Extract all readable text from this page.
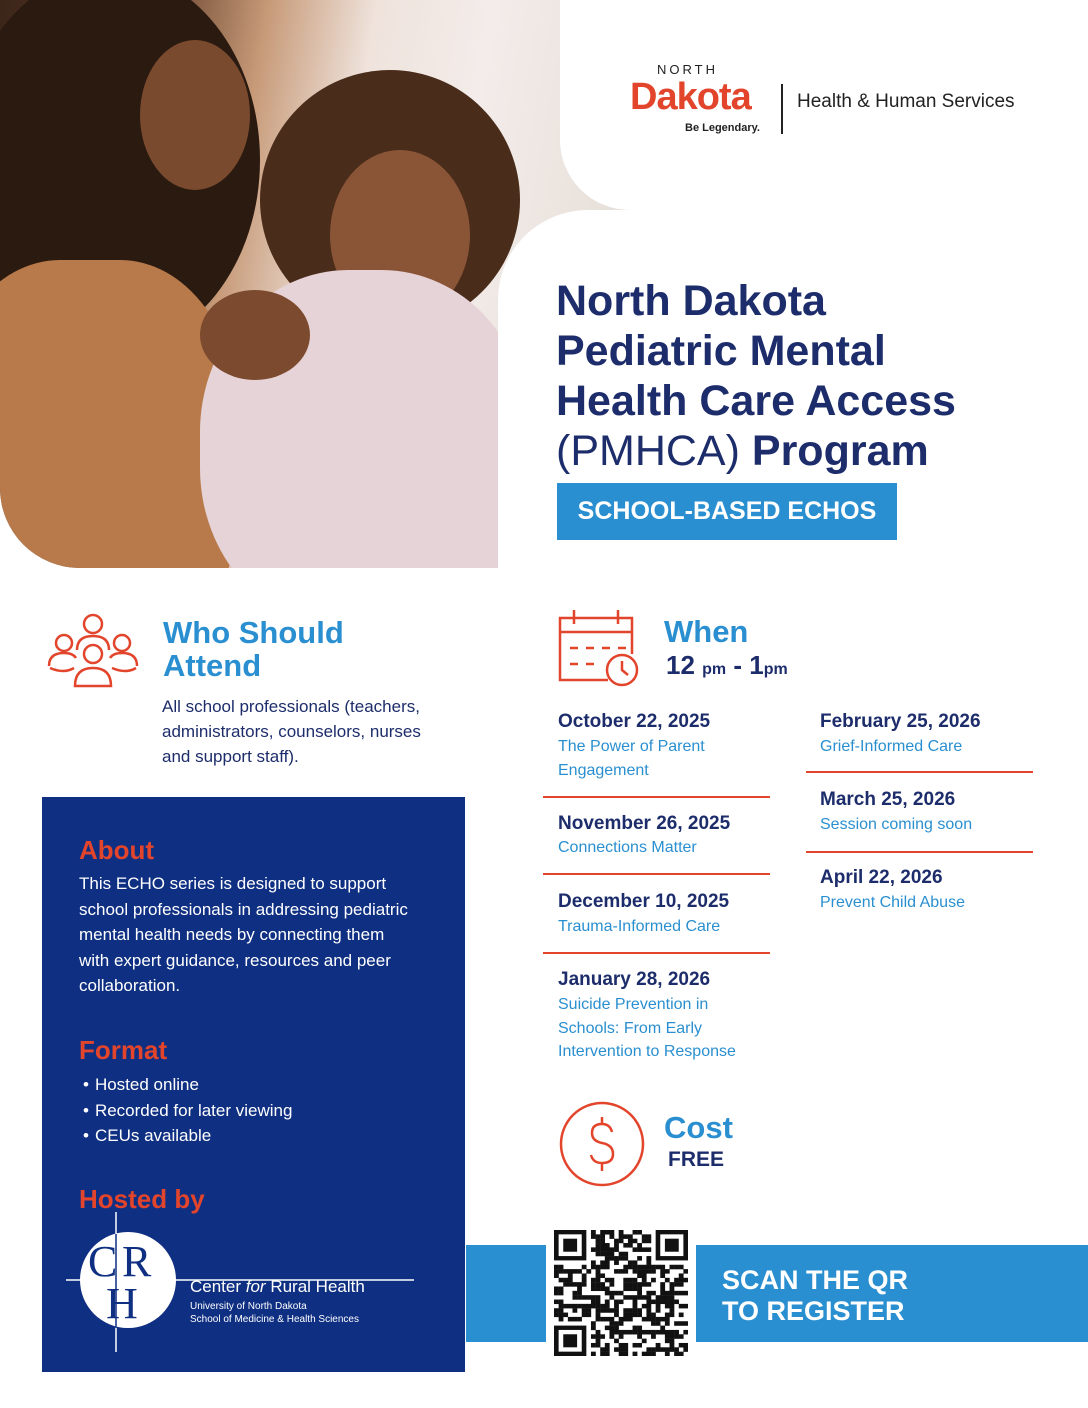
NORTH
Dakota
Be Legendary.
Health & Human Services
North Dakota
Pediatric Mental
Health Care Access
(PMHCA) Program
SCHOOL-BASED ECHOS
Who Should Attend
All school professionals (teachers, administrators, counselors, nurses and support staff).
About
This ECHO series is designed to support school professionals in addressing pediatric mental health needs by connecting them with expert guidance, resources and peer collaboration.
Format
• Hosted online
• Recorded for later viewing
• CEUs available
Hosted by
C R
H	Center for Rural Health
University of North Dakota
School of Medicine & Health Sciences
When
12 pm - 1pm
October 22, 2025
The Power of Parent Engagement
November 26, 2025
Connections Matter
December 10, 2025
Trauma-Informed Care
January 28, 2026
Suicide Prevention in Schools: From Early Intervention to Response
February 25, 2026
Grief-Informed Care
March 25, 2026
Session coming soon
April 22, 2026
Prevent Child Abuse
Cost
FREE
SCAN THE QR
TO REGISTER
